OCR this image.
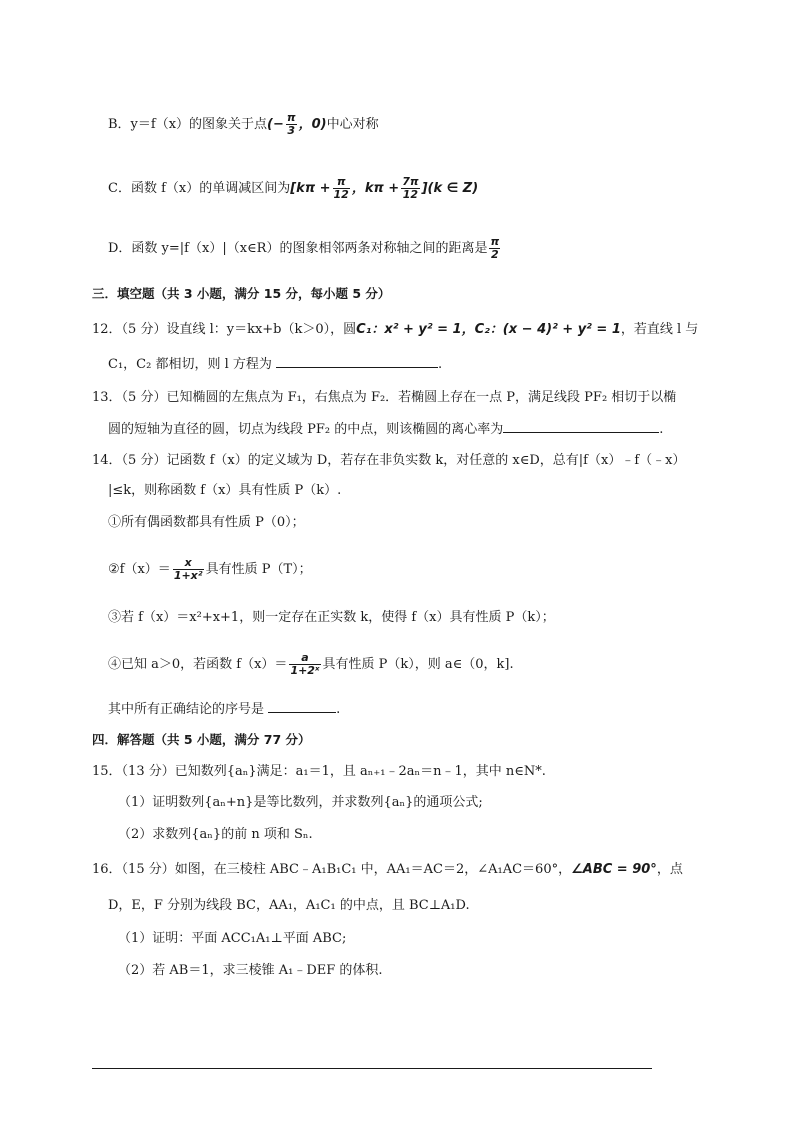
B．y＝f（x）的图象关于点(− $\frac{\pi}{3}$ ，0)中心对称
C．函数 f（x）的单调减区间为[$k\pi + \frac{\pi}{12}$ ，$k\pi + \frac{7\pi}{12} ](k$ ∈ Z)
D．函数 y=|f（x）|（x∈R）的图象相邻两条对称轴之间的距离是 $\frac{\pi}{2}$
三．填空题（共 3 小题，满分 15 分，每小题 5 分）
12．（5 分）设直线 l：y＝kx+b（k＞0），圆C₁：x² + y² = 1，C₂：(x − 4)² + y² = 1，若直线 l 与
C₁，C₂ 都相切，则 l 方程为	.
13．（5 分）已知椭圆的左焦点为 F₁，右焦点为 F₂．若椭圆上存在一点 P，满足线段 PF₂ 相切于以椭
圆的短轴为直径的圆，切点为线段 PF₂ 的中点，则该椭圆的离心率为	.
14．（5 分）记函数 f（x）的定义域为 D，若存在非负实数 k，对任意的 x∈D，总有|f（x）﹣f（﹣x）
|≤k，则称函数 f（x）具有性质 P（k）.
①所有偶函数都具有性质 P（0）；
②f（x）＝ $\frac{x}{\text{1+x²}}$ 具有性质 P（T）；
③若 f（x）＝x²+x+1，则一定存在正实数 k，使得 f（x）具有性质 P（k）；
④已知 a＞0，若函数 $f(x)= \frac{a}{\text{1+2ˣ}}$ 具有性质 P（k），则 a∈（0，k].
其中所有正确结论的序号是	.
四．解答题（共 5 小题，满分 77 分）
15．（13 分）已知数列{aₙ}满足：a₁＝1，且 aₙ₊₁﹣2aₙ＝n﹣1，其中 n∈N*.
（1）证明数列{aₙ+n}是等比数列，并求数列{aₙ}的通项公式;
（2）求数列{aₙ}的前 n 项和 Sₙ.
16．（15 分）如图，在三棱柱 ABC﹣A₁B₁C₁ 中，AA₁＝AC＝2，∠A₁AC＝60°，∠ABC = 90°，点
D，E，F 分别为线段 BC，AA₁，A₁C₁ 的中点，且 BC⊥A₁D.
（1）证明：平面 ACC₁A₁⊥平面 ABC;
（2）若 AB＝1，求三棱锥 A₁﹣DEF 的体积.
